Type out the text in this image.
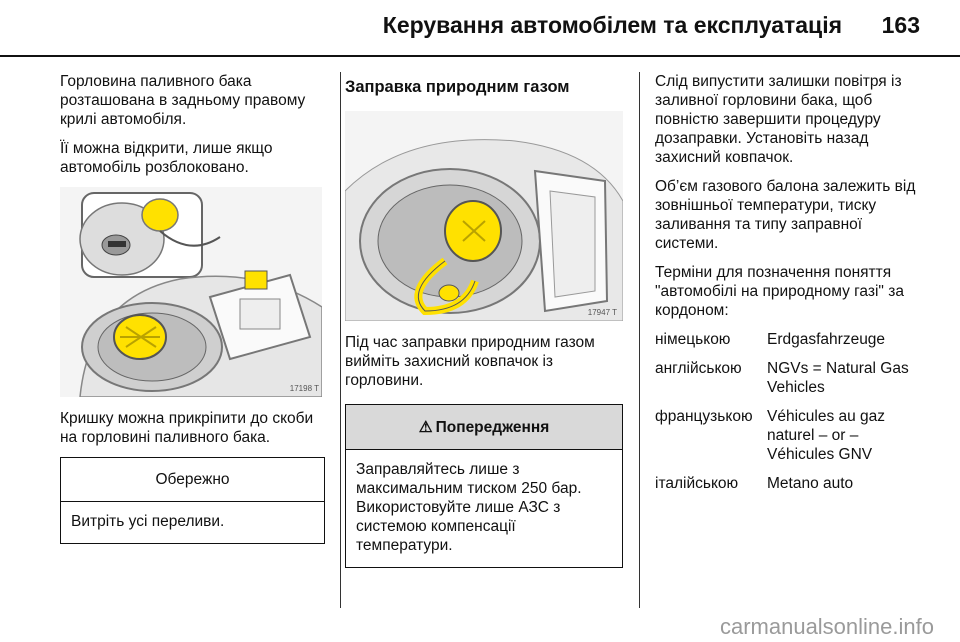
Керування автомобілем та експлуатація 163

Горловина паливного бака розташована в задньому правому крилі автомобіля.

Її можна відкрити, лише якщо автомобіль розблоковано.

17198 T

Кришку можна прикріпити до скоби на горловині паливного бака.

Обережно
Витріть усі переливи.
Заправка природним газом
17947 T

Під час заправки природним газом вийміть захисний ковпачок із горловини.

⚠ Попередження
Заправляйтесь лише з максимальним тиском 250 бар. Використовуйте лише АЗС з системою компенсації температури.

Слід випустити залишки повітря із заливної горловини бака, щоб повністю завершити процедуру дозаправки. Установіть назад захисний ковпачок.

Об’єм газового балона залежить від зовнішньої температури, тиску заливання та типу заправної системи.

Терміни для позначення поняття "автомобілі на природному газі" за кордоном:

німецькою	Erdgasfahrzeuge
англійською	NGVs = Natural Gas Vehicles
французькою	Véhicules au gaz naturel – or – Véhicules GNV
італійською	Metano auto
carmanualsonline.info
